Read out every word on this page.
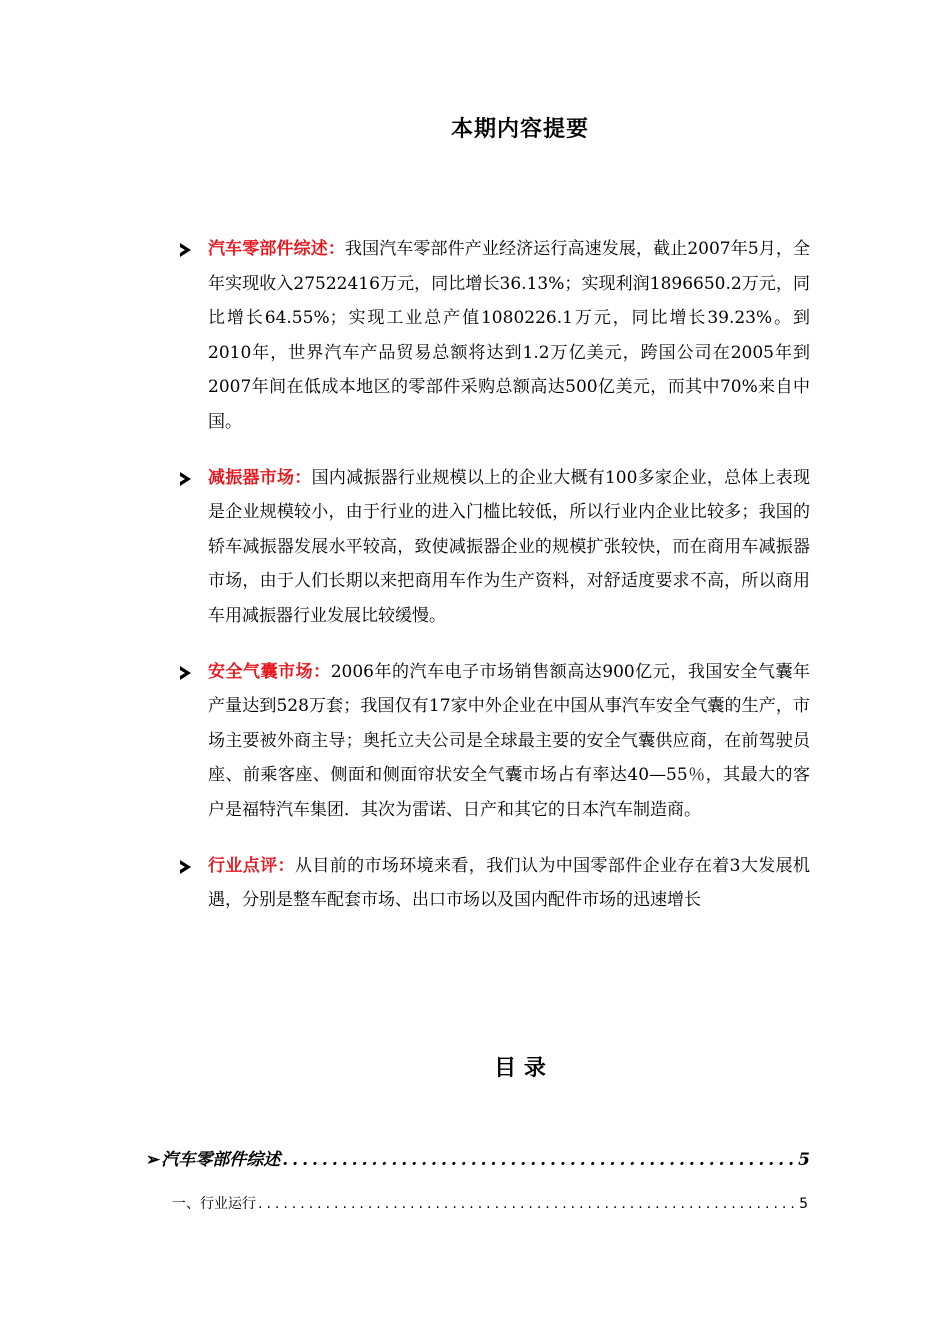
本期内容提要
汽车零部件综述：我国汽车零部件产业经济运行高速发展，截止2007年5月，全年实现收入27522416万元，同比增长36.13%；实现利润1896650.2万元，同比增长64.55%；实现工业总产值1080226.1万元，同比增长39.23%。到2010年，世界汽车产品贸易总额将达到1.2万亿美元，跨国公司在2005年到2007年间在低成本地区的零部件采购总额高达500亿美元，而其中70%来自中国。
减振器市场：国内减振器行业规模以上的企业大概有100多家企业，总体上表现是企业规模较小，由于行业的进入门槛比较低，所以行业内企业比较多；我国的轿车减振器发展水平较高，致使减振器企业的规模扩张较快，而在商用车减振器市场，由于人们长期以来把商用车作为生产资料，对舒适度要求不高，所以商用车用减振器行业发展比较缓慢。
安全气囊市场：2006年的汽车电子市场销售额高达900亿元，我国安全气囊年产量达到528万套；我国仅有17家中外企业在中国从事汽车安全气囊的生产，市场主要被外商主导；奥托立夫公司是全球最主要的安全气囊供应商，在前驾驶员座、前乘客座、侧面和侧面帘状安全气囊市场占有率达40—55％，其最大的客户是福特汽车集团．其次为雷诺、日产和其它的日本汽车制造商。
行业点评：从目前的市场环境来看，我们认为中国零部件企业存在着3大发展机遇，分别是整车配套市场、出口市场以及国内配件市场的迅速增长
目 录
➢ 汽车零部件综述 .....	5
一、行业运行 .....	5
